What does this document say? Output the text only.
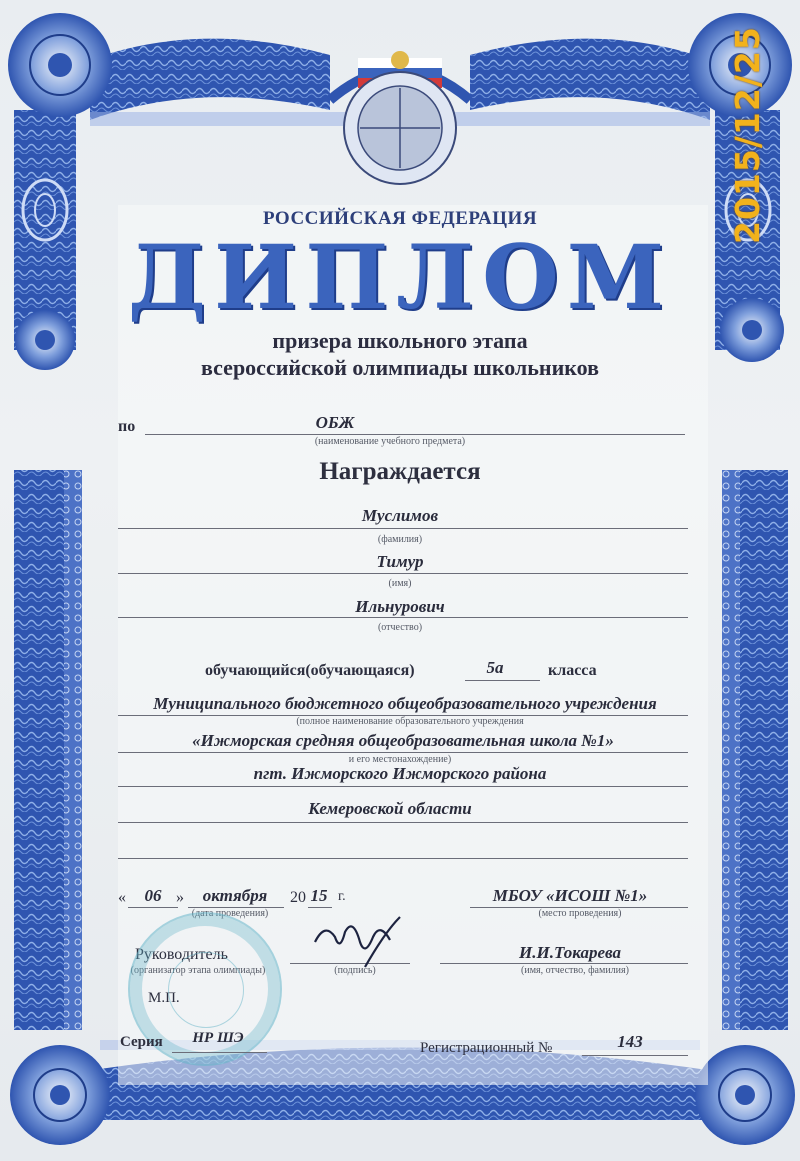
2015/12/25
РОССИЙСКАЯ ФЕДЕРАЦИЯ
ДИПЛОМ
призера школьного этапа
всероссийской олимпиады школьников
по	ОБЖ
(наименование учебного предмета)
Награждается
Муслимов
(фамилия)
Тимур
(имя)
Ильнурович
(отчество)
обучающийся(обучающаяся)	5а	класса
Муниципального бюджетного общеобразовательного учреждения
(полное наименование образовательного учреждения
«Ижморская средняя общеобразовательная школа №1»
и его местонахождение)
пгт. Ижморского Ижморского района
Кемеровской области
«	06 »	октября	20 15 г.
(дата проведения)
МБОУ «ИСОШ №1»
(место проведения)
Руководитель
(организатор этапа олимпиады)	(подпись)
И.И.Токарева
(имя, отчество, фамилия)
М.П.
Серия	НР ШЭ
Регистрационный №	143
